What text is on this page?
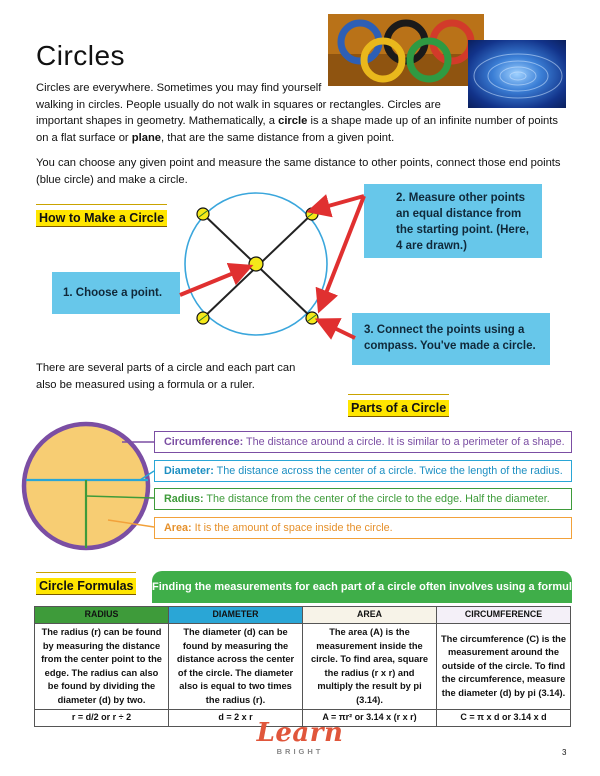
Circles
Circles are everywhere. Sometimes you may find yourself
walking in circles. People usually do not walk in squares or rectangles. Circles are
important shapes in geometry. Mathematically, a circle is a shape made up of an infinite number of points
on a flat surface or plane, that are the same distance from a given point.
You can choose any given point and measure the same distance to other points, connect those end points
(blue circle) and make a circle.
How to Make a Circle
1. Choose a point.
2. Measure other points an equal distance from the starting point. (Here, 4 are drawn.)
3. Connect the points using a compass. You've made a circle.
There are several parts of a circle and each part can
also be measured using a formula or a ruler.
Parts of a Circle
Circumference: The distance around a circle. It is similar to a perimeter of a shape.
Diameter: The distance across the center of a circle. Twice the length of the radius.
Radius: The distance from the center of the circle to the edge. Half the diameter.
Area: It is the amount of space inside the circle.
Circle Formulas Finding the measurements for each part of a circle often involves using a formula.
RADIUS	DIAMETER	AREA	CIRCUMFERENCE
The radius (r) can be found by measuring the distance from the center point to the edge. The radius can also be found by dividing the diameter (d) by two.	The diameter (d) can be found by measuring the distance across the center of the circle. The diameter also is equal to two times the radius (r).	The area (A) is the measurement inside the circle. To find area, square the radius (r x r) and multiply the result by pi (3.14).	The circumference (C) is the measurement around the outside of the circle. To find the circumference, measure the diameter (d) by pi (3.14).
r = d/2 or r ÷ 2	d = 2 x r	A = πr² or 3.14 x (r x r)	C = π x d or 3.14 x d
Learn
BRIGHT	3
